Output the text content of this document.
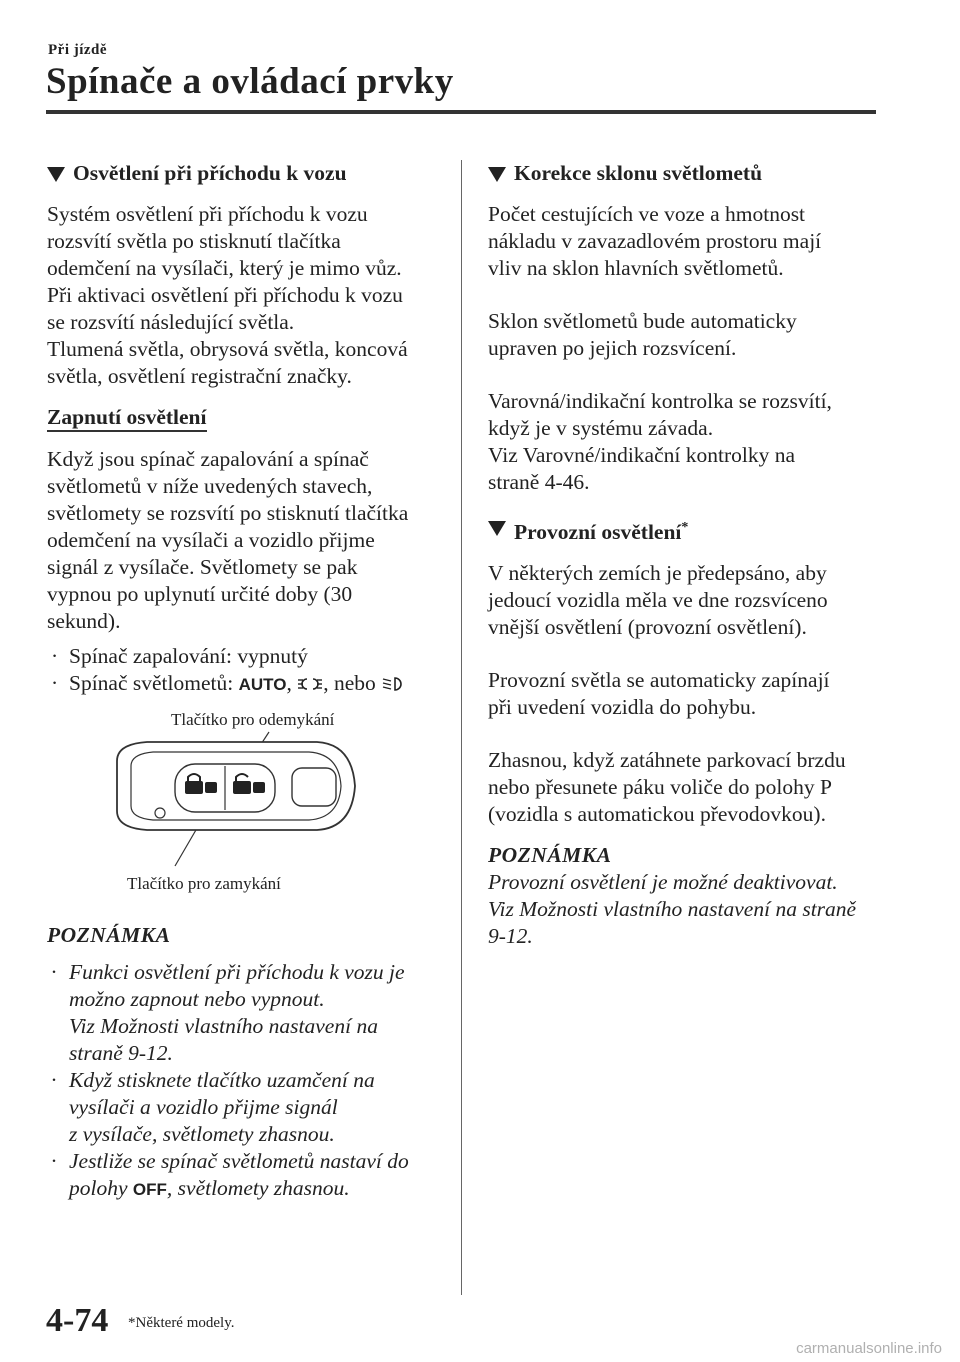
Při jízdě
Spínače a ovládací prvky
Osvětlení při příchodu k vozu

Systém osvětlení při příchodu k vozu

rozsvítí světla po stisknutí tlačítka

odemčení na vysílači, který je mimo vůz.

Při aktivaci osvětlení při příchodu k vozu

se rozsvítí následující světla.

Tlumená světla, obrysová světla, koncová

světla, osvětlení registrační značky.

Zapnutí osvětlení

Když jsou spínač zapalování a spínač

světlometů v níže uvedených stavech,

světlomety se rozsvítí po stisknutí tlačítka

odemčení na vysílači a vozidlo přijme

signál z vysílače. Světlomety se pak

vypnou po uplynutí určité doby (30

sekund).

· Spínač zapalování: vypnutý
· Spínač světlometů: AUTO, , nebo
Tlačítko pro odemykání
Tlačítko pro zamykání
POZNÁMKA
· Funkci osvětlení při příchodu k vozu je

možno zapnout nebo vypnout.

Viz Možnosti vlastního nastavení na

straně 9-12.

· Když stisknete tlačítko uzamčení na

vysílači a vozidlo přijme signál

z vysílače, světlomety zhasnou.

· Jestliže se spínač světlometů nastaví do

polohy OFF, světlomety zhasnou.

Korekce sklonu světlometů

Počet cestujících ve voze a hmotnost

nákladu v zavazadlovém prostoru mají

vliv na sklon hlavních světlometů.

Sklon světlometů bude automaticky

upraven po jejich rozsvícení.

Varovná/indikační kontrolka se rozsvítí,

když je v systému závada.

Viz Varovné/indikační kontrolky na

straně 4-46.

Provozní osvětlení*

V některých zemích je předepsáno, aby

jedoucí vozidla měla ve dne rozsvíceno

vnější osvětlení (provozní osvětlení).

Provozní světla se automaticky zapínají

při uvedení vozidla do pohybu.

Zhasnou, když zatáhnete parkovací brzdu

nebo přesunete páku voliče do polohy P

(vozidla s automatickou převodovkou).

POZNÁMKA

Provozní osvětlení je možné deaktivovat.

Viz Možnosti vlastního nastavení na straně

9-12.

4-74 *Některé modely.
carmanualsonline.info
